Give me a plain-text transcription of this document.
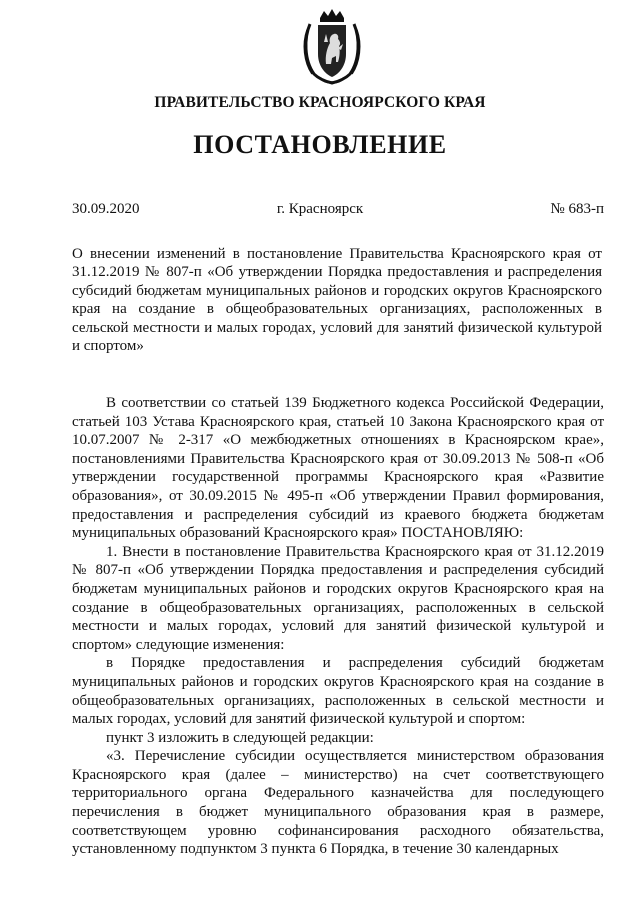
ПРАВИТЕЛЬСТВО КРАСНОЯРСКОГО КРАЯ
ПОСТАНОВЛЕНИЕ
30.09.2020	г. Красноярск	№ 683-п
О внесении изменений в постановление Правительства Красноярского края от 31.12.2019 № 807-п «Об утверждении Порядка предоставления и распределения субсидий бюджетам муниципальных районов и городских округов Красноярского края на создание в общеобразовательных организациях, расположенных в сельской местности и малых городах, условий для занятий физической культурой и спортом»

В соответствии со статьей 139 Бюджетного кодекса Российской Федерации, статьей 103 Устава Красноярского края, статьей 10 Закона Красноярского края от 10.07.2007 № 2-317 «О межбюджетных отношениях в Красноярском крае», постановлениями Правительства Красноярского края от 30.09.2013 № 508-п «Об утверждении государственной программы Красноярского края «Развитие образования», от 30.09.2015 № 495-п «Об утверждении Правил формирования, предоставления и распределения субсидий из краевого бюджета бюджетам муниципальных образований Красноярского края» ПОСТАНОВЛЯЮ:

1. Внести в постановление Правительства Красноярского края от 31.12.2019 № 807-п «Об утверждении Порядка предоставления и распределения субсидий бюджетам муниципальных районов и городских округов Красноярского края на создание в общеобразовательных организациях, расположенных в сельской местности и малых городах, условий для занятий физической культурой и спортом» следующие изменения:

в Порядке предоставления и распределения субсидий бюджетам муниципальных районов и городских округов Красноярского края на создание в общеобразовательных организациях, расположенных в сельской местности и малых городах, условий для занятий физической культурой и спортом:

пункт 3 изложить в следующей редакции:

«3. Перечисление субсидии осуществляется министерством образования Красноярского края (далее – министерство) на счет соответствующего территориального органа Федерального казначейства для последующего перечисления в бюджет муниципального образования края в размере, соответствующем уровню софинансирования расходного обязательства, установленному подпунктом 3 пункта 6 Порядка, в течение 30 календарных
